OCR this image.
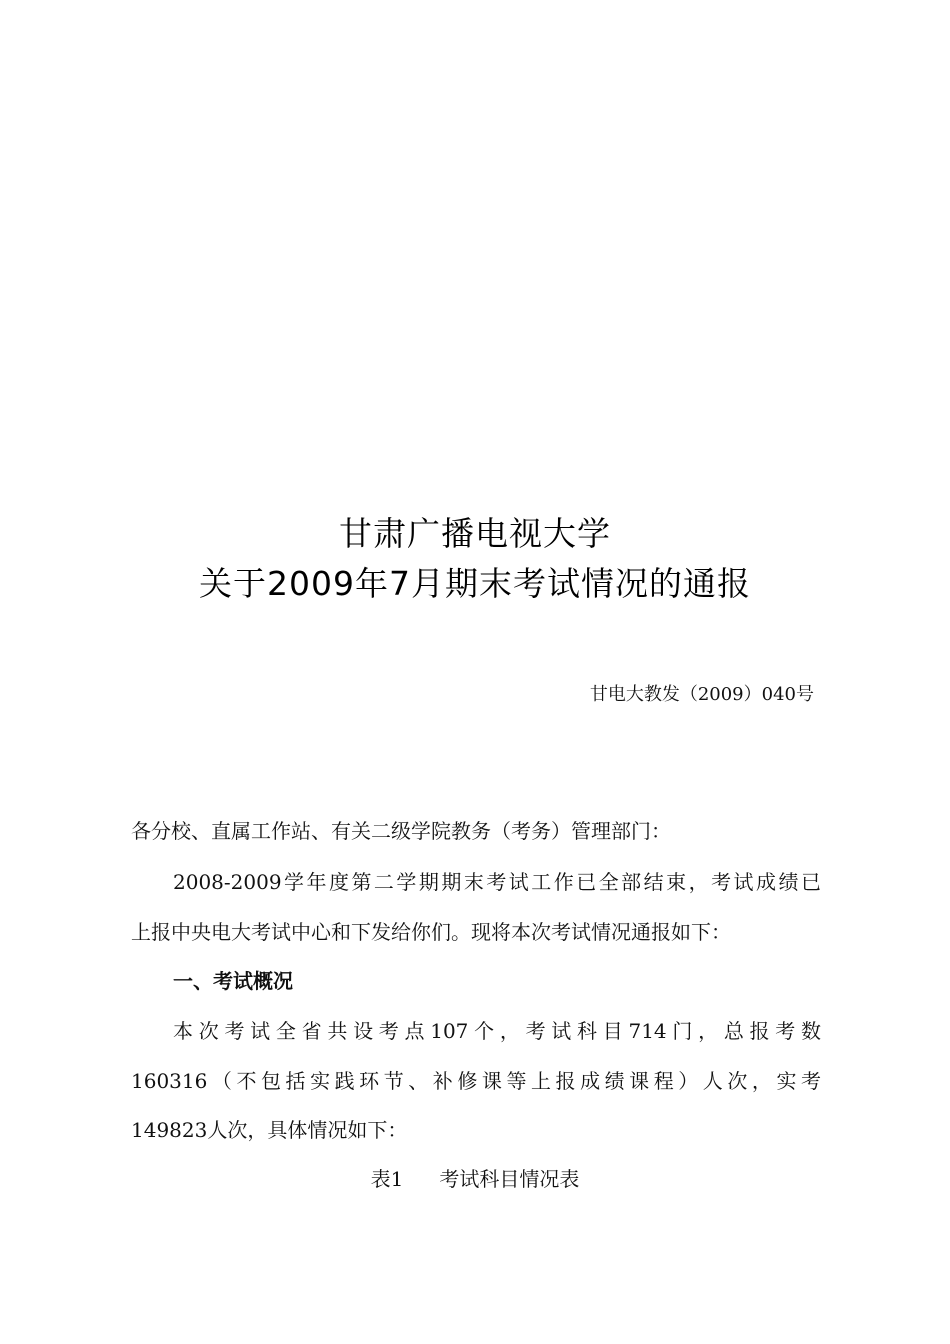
甘肃广播电视大学
关于2009年7月期末考试情况的通报
甘电大教发（2009）040号
各分校、直属工作站、有关二级学院教务（考务）管理部门：
2008-2009学年度第二学期期末考试工作已全部结束，考试成绩已
上报中央电大考试中心和下发给你们。现将本次考试情况通报如下：
一、考试概况
本次考试全省共设考点107个，考试科目714门，总报考数
160316（不包括实践环节、补修课等上报成绩课程）人次，实考
149823人次，具体情况如下：
表1 考试科目情况表
